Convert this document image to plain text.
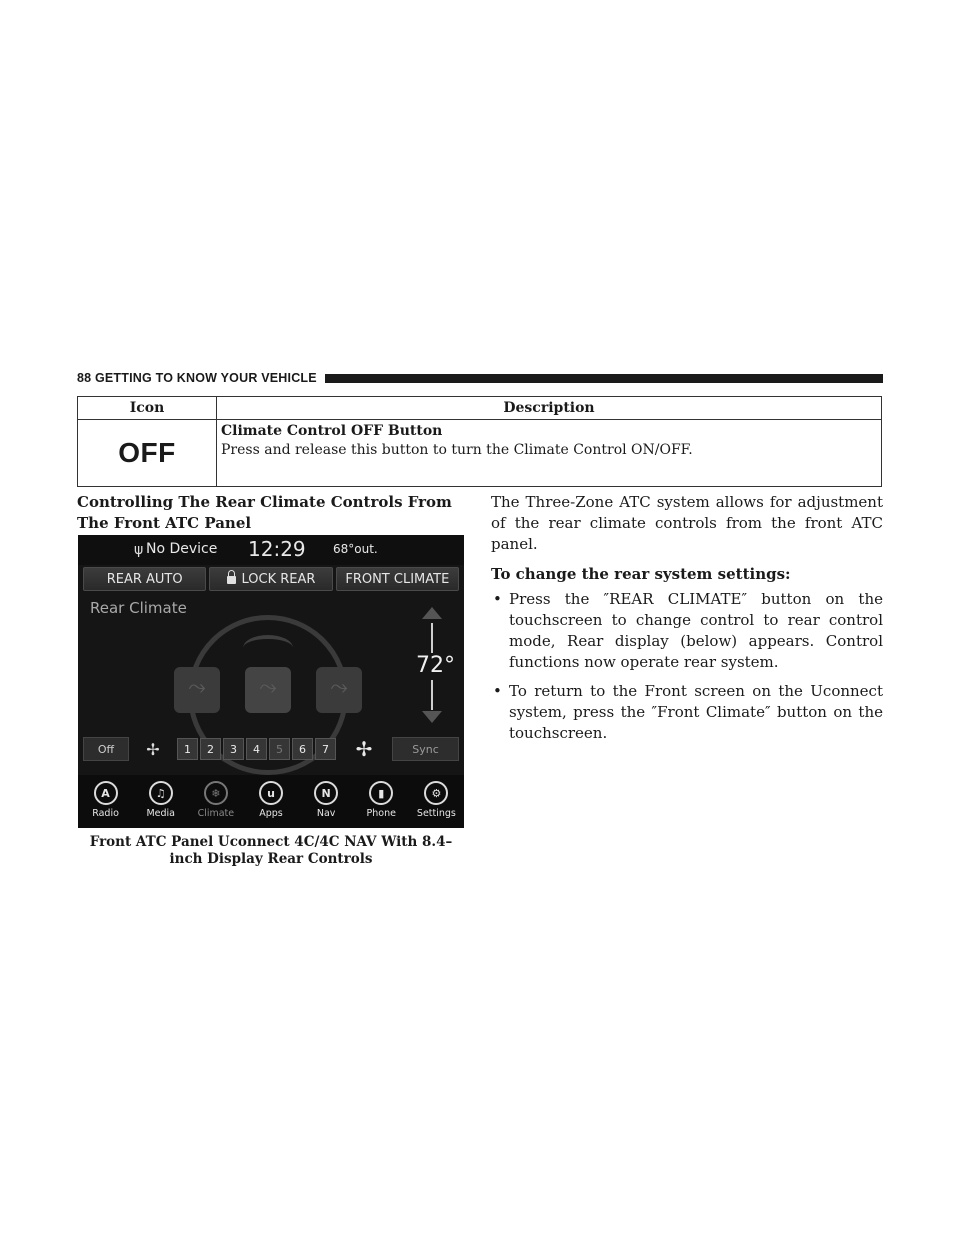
88 GETTING TO KNOW YOUR VEHICLE
Icon	Description
OFF	Climate Control OFF Button
Press and release this button to turn the Climate Control ON/OFF.
Controlling The Rear Climate Controls From The Front ATC Panel
ψ No Device 12:29 68°out.
REAR AUTO	LOCK REAR FRONT CLIMATE
Rear Climate
⤳	⤳	⤳
72°
Off	✢	1	2	3	4	5	6	7	✢	Sync
A
Radio
♫
Media
❄
Climate
u
Apps
N
Nav
▮
Phone
⚙
Settings
Front ATC Panel Uconnect 4C/4C NAV With 8.4–inch Display Rear Controls

The Three-Zone ATC system allows for adjustment of the rear climate controls from the front ATC panel.

To change the rear system settings:

• Press the ″REAR CLIMATE″ button on the touchscreen to change control to rear control mode, Rear display (below) appears. Control functions now operate rear system.
• To return to the Front screen on the Uconnect system, press the ″Front Climate″ button on the touchscreen.
